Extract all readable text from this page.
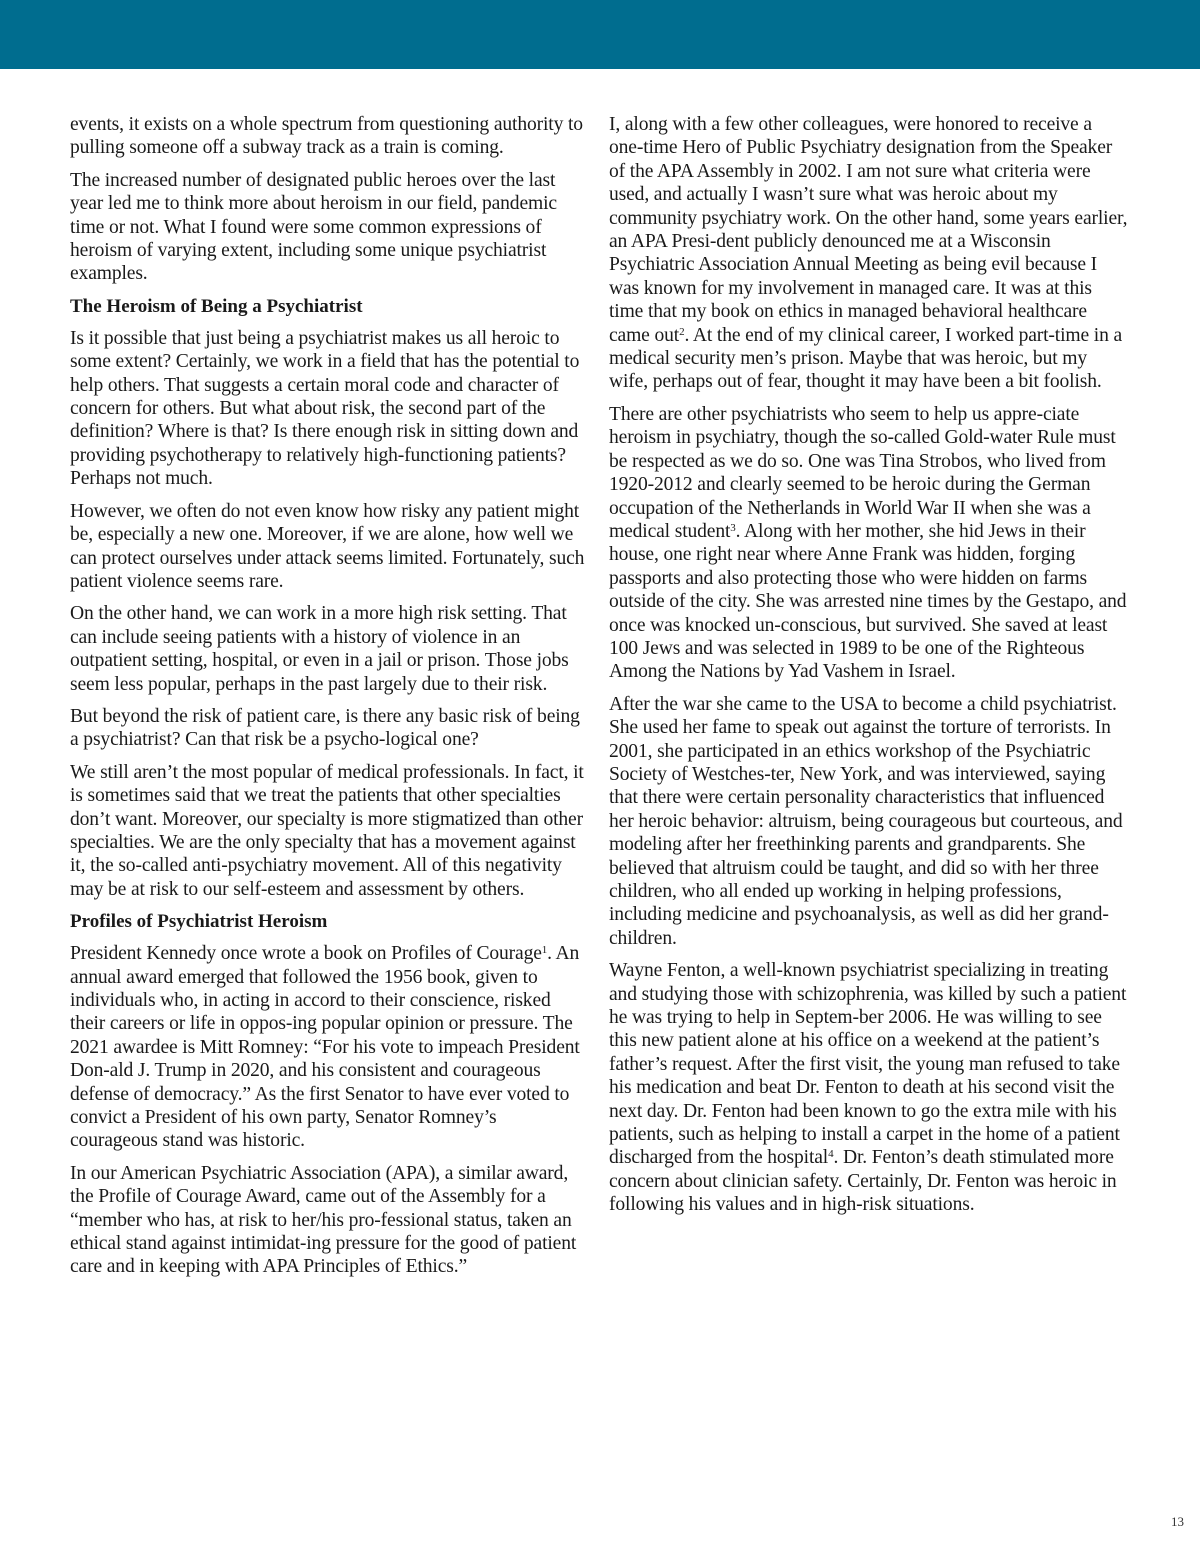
events, it exists on a whole spectrum from questioning authority to pulling someone off a subway track as a train is coming.

The increased number of designated public heroes over the last year led me to think more about heroism in our field, pandemic time or not. What I found were some common expressions of heroism of varying extent, including some unique psychiatrist examples.

The Heroism of Being a Psychiatrist

Is it possible that just being a psychiatrist makes us all heroic to some extent? Certainly, we work in a field that has the potential to help others. That suggests a certain moral code and character of concern for others. But what about risk, the second part of the definition? Where is that? Is there enough risk in sitting down and providing psychotherapy to relatively high-functioning patients? Perhaps not much.

However, we often do not even know how risky any patient might be, especially a new one. Moreover, if we are alone, how well we can protect ourselves under attack seems limited. Fortunately, such patient violence seems rare.

On the other hand, we can work in a more high risk setting. That can include seeing patients with a history of violence in an outpatient setting, hospital, or even in a jail or prison. Those jobs seem less popular, perhaps in the past largely due to their risk.

But beyond the risk of patient care, is there any basic risk of being a psychiatrist? Can that risk be a psycho-logical one?

We still aren’t the most popular of medical professionals. In fact, it is sometimes said that we treat the patients that other specialties don’t want. Moreover, our specialty is more stigmatized than other specialties. We are the only specialty that has a movement against it, the so-called anti-psychiatry movement. All of this negativity may be at risk to our self-esteem and assessment by others.

Profiles of Psychiatrist Heroism

President Kennedy once wrote a book on Profiles of Courage$^1$. An annual award emerged that followed the 1956 book, given to individuals who, in acting in accord to their conscience, risked their careers or life in oppos-ing popular opinion or pressure. The 2021 awardee is Mitt Romney: “For his vote to impeach President Don-ald J. Trump in 2020, and his consistent and courageous defense of democracy.” As the first Senator to have ever voted to convict a President of his own party, Senator Romney’s courageous stand was historic.

In our American Psychiatric Association (APA), a similar award, the Profile of Courage Award, came out of the Assembly for a “member who has, at risk to her/his pro-fessional status, taken an ethical stand against intimidat-ing pressure for the good of patient care and in keeping with APA Principles of Ethics.”

I, along with a few other colleagues, were honored to receive a one-time Hero of Public Psychiatry designation from the Speaker of the APA Assembly in 2002. I am not sure what criteria were used, and actually I wasn’t sure what was heroic about my community psychiatry work. On the other hand, some years earlier, an APA Presi-dent publicly denounced me at a Wisconsin Psychiatric Association Annual Meeting as being evil because I was known for my involvement in managed care. It was at this time that my book on ethics in managed behavioral healthcare came out$^2$. At the end of my clinical career, I worked part-time in a medical security men’s prison. Maybe that was heroic, but my wife, perhaps out of fear, thought it may have been a bit foolish.

There are other psychiatrists who seem to help us appre-ciate heroism in psychiatry, though the so-called Gold-water Rule must be respected as we do so. One was Tina Strobos, who lived from 1920-2012 and clearly seemed to be heroic during the German occupation of the Netherlands in World War II when she was a medical student$^3$. Along with her mother, she hid Jews in their house, one right near where Anne Frank was hidden, forging passports and also protecting those who were hidden on farms outside of the city. She was arrested nine times by the Gestapo, and once was knocked un-conscious, but survived. She saved at least 100 Jews and was selected in 1989 to be one of the Righteous Among the Nations by Yad Vashem in Israel.

After the war she came to the USA to become a child psychiatrist. She used her fame to speak out against the torture of terrorists. In 2001, she participated in an ethics workshop of the Psychiatric Society of Westches-ter, New York, and was interviewed, saying that there were certain personality characteristics that influenced her heroic behavior: altruism, being courageous but courteous, and modeling after her freethinking parents and grandparents. She believed that altruism could be taught, and did so with her three children, who all ended up working in helping professions, including medicine and psychoanalysis, as well as did her grand-children.

Wayne Fenton, a well-known psychiatrist specializing in treating and studying those with schizophrenia, was killed by such a patient he was trying to help in Septem-ber 2006. He was willing to see this new patient alone at his office on a weekend at the patient’s father’s request. After the first visit, the young man refused to take his medication and beat Dr. Fenton to death at his second visit the next day. Dr. Fenton had been known to go the extra mile with his patients, such as helping to install a carpet in the home of a patient discharged from the hospital$^4$. Dr. Fenton’s death stimulated more concern about clinician safety. Certainly, Dr. Fenton was heroic in following his values and in high-risk situations.

13
